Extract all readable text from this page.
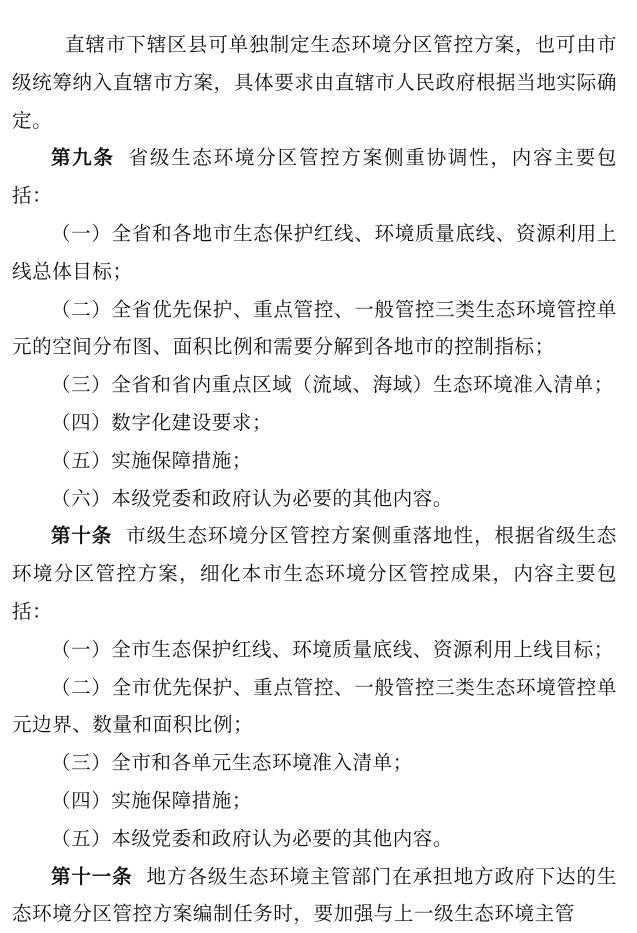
直辖市下辖区县可单独制定生态环境分区管控方案，也可由市级统筹纳入直辖市方案，具体要求由直辖市人民政府根据当地实际确定。

第九条 省级生态环境分区管控方案侧重协调性，内容主要包括：

（一）全省和各地市生态保护红线、环境质量底线、资源利用上线总体目标；

（二）全省优先保护、重点管控、一般管控三类生态环境管控单元的空间分布图、面积比例和需要分解到各地市的控制指标；

（三）全省和省内重点区域（流域、海域）生态环境准入清单；

（四）数字化建设要求；

（五）实施保障措施；

（六）本级党委和政府认为必要的其他内容。

第十条 市级生态环境分区管控方案侧重落地性，根据省级生态环境分区管控方案，细化本市生态环境分区管控成果，内容主要包括：

（一）全市生态保护红线、环境质量底线、资源利用上线目标；

（二）全市优先保护、重点管控、一般管控三类生态环境管控单元边界、数量和面积比例；

（三）全市和各单元生态环境准入清单；

（四）实施保障措施；

（五）本级党委和政府认为必要的其他内容。

第十一条 地方各级生态环境主管部门在承担地方政府下达的生态环境分区管控方案编制任务时，要加强与上一级生态环境主管
